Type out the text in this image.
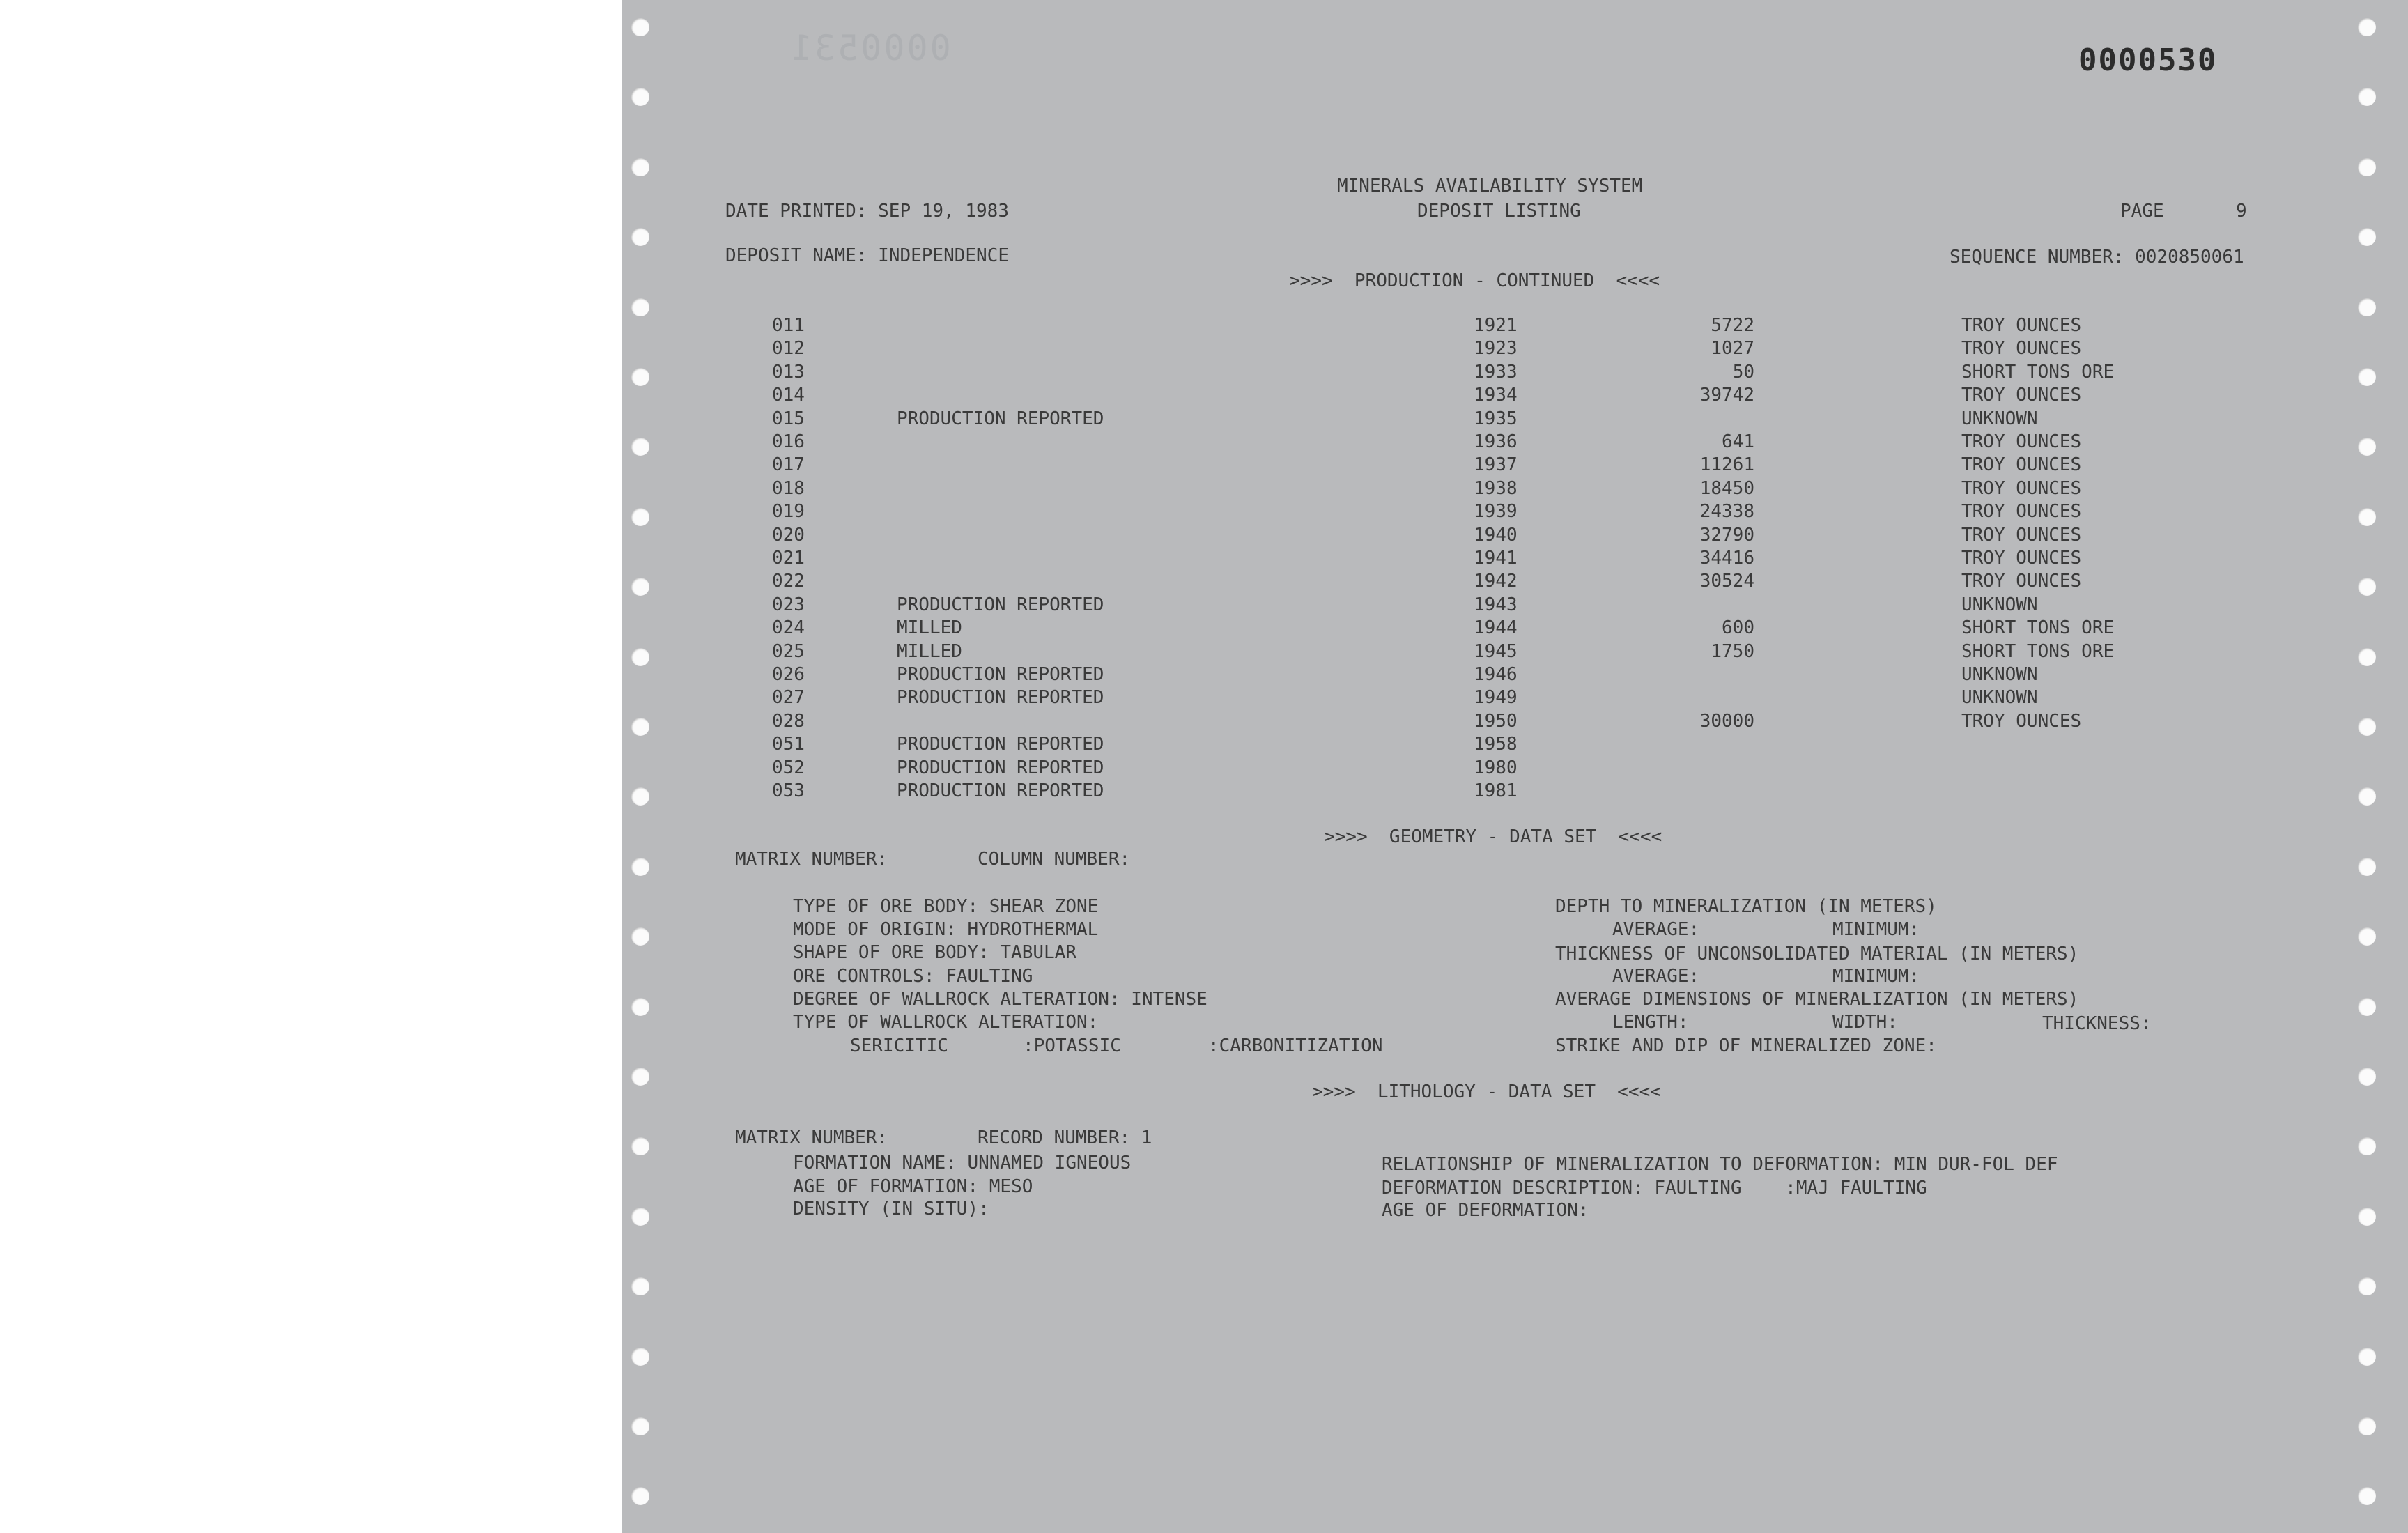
0000531	0000530
MINERALS AVAILABILITY SYSTEM
DATE PRINTED: SEP 19, 1983	DEPOSIT LISTING	PAGE	9
DEPOSIT NAME: INDEPENDENCE	SEQUENCE NUMBER: 0020850061
>>>>  PRODUCTION - CONTINUED  <<<<
011	1921	5722	TROY OUNCES
012	1923	1027	TROY OUNCES
013	1933	50	SHORT TONS ORE
014	1934	39742	TROY OUNCES
015	PRODUCTION REPORTED	1935	UNKNOWN
016	1936	641	TROY OUNCES
017	1937	11261	TROY OUNCES
018	1938	18450	TROY OUNCES
019	1939	24338	TROY OUNCES
020	1940	32790	TROY OUNCES
021	1941	34416	TROY OUNCES
022	1942	30524	TROY OUNCES
023	PRODUCTION REPORTED	1943	UNKNOWN
024	MILLED	1944	600	SHORT TONS ORE
025	MILLED	1945	1750	SHORT TONS ORE
026	PRODUCTION REPORTED	1946	UNKNOWN
027	PRODUCTION REPORTED	1949	UNKNOWN
028	1950	30000	TROY OUNCES
051	PRODUCTION REPORTED	1958
052	PRODUCTION REPORTED	1980
053	PRODUCTION REPORTED	1981
>>>>  GEOMETRY - DATA SET  <<<<
MATRIX NUMBER:	COLUMN NUMBER:
TYPE OF ORE BODY: SHEAR ZONE
MODE OF ORIGIN: HYDROTHERMAL
SHAPE OF ORE BODY: TABULAR
ORE CONTROLS: FAULTING
DEGREE OF WALLROCK ALTERATION: INTENSE
TYPE OF WALLROCK ALTERATION:
SERICITIC	:POTASSIC	:CARBONITIZATION
DEPTH TO MINERALIZATION (IN METERS)
AVERAGE:	MINIMUM:
THICKNESS OF UNCONSOLIDATED MATERIAL (IN METERS)
AVERAGE:	MINIMUM:
AVERAGE DIMENSIONS OF MINERALIZATION (IN METERS)
LENGTH:	WIDTH:	THICKNESS:
STRIKE AND DIP OF MINERALIZED ZONE:
>>>>  LITHOLOGY - DATA SET  <<<<
MATRIX NUMBER:	RECORD NUMBER: 1
FORMATION NAME: UNNAMED IGNEOUS
AGE OF FORMATION: MESO
DENSITY (IN SITU):
RELATIONSHIP OF MINERALIZATION TO DEFORMATION: MIN DUR-FOL DEF
DEFORMATION DESCRIPTION: FAULTING    :MAJ FAULTING
AGE OF DEFORMATION:
